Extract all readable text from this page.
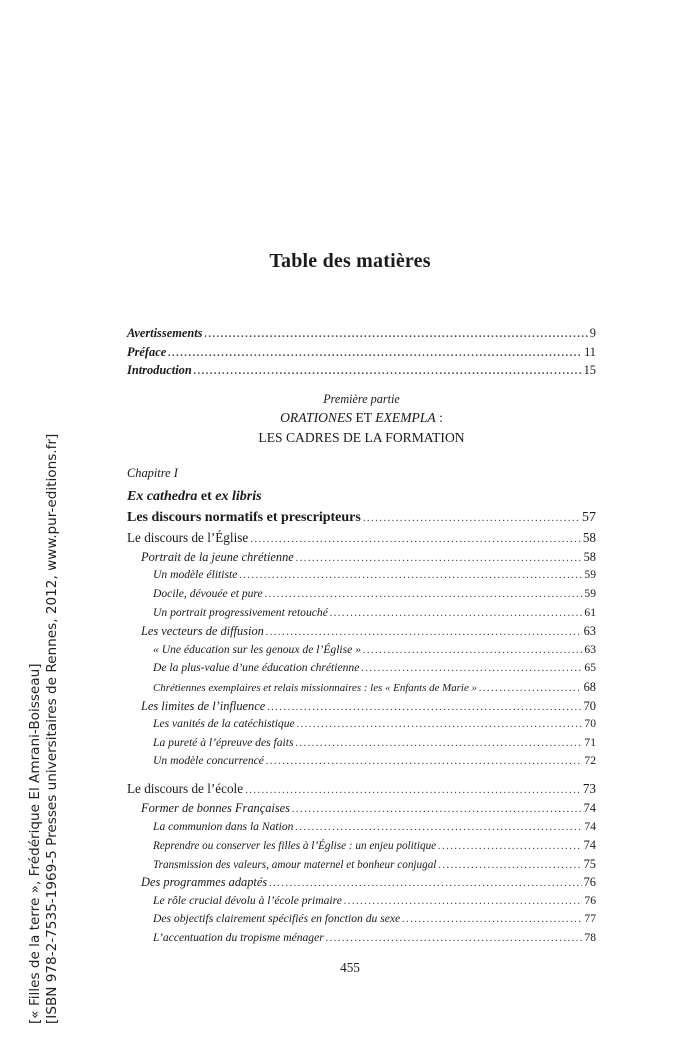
[« Filles de la terre », Frédérique El Amrani-Boisseau] [ISBN 978-2-7535-1969-5 Presses universitaires de Rennes, 2012, www.pur-editions.fr]
Table des matières
Avertissements .....	9
Préface .....	11
Introduction .....	15
Première partie
ORATIONES ET EXEMPLA :
LES CADRES DE LA FORMATION
Chapitre I
Ex cathedra et ex libris
Les discours normatifs et prescripteurs .....	57
Le discours de l’Église .....	58
Portrait de la jeune chrétienne .....	58
Un modèle élitiste .....	59
Docile, dévouée et pure .....	59
Un portrait progressivement retouché .....	61
Les vecteurs de diffusion .....	63
« Une éducation sur les genoux de l’Église » .....	63
De la plus-value d’une éducation chrétienne .....	65
Chrétiennes exemplaires et relais missionnaires : les « Enfants de Marie » .....	68
Les limites de l’influence .....	70
Les vanités de la catéchistique .....	70
La pureté à l’épreuve des faits .....	71
Un modèle concurrencé .....	72
Le discours de l’école .....	73
Former de bonnes Françaises .....	74
La communion dans la Nation .....	74
Reprendre ou conserver les filles à l’Église : un enjeu politique .....	74
Transmission des valeurs, amour maternel et bonheur conjugal .....	75
Des programmes adaptés .....	76
Le rôle crucial dévolu à l’école primaire .....	76
Des objectifs clairement spécifiés en fonction du sexe .....	77
L’accentuation du tropisme ménager .....	78
455
